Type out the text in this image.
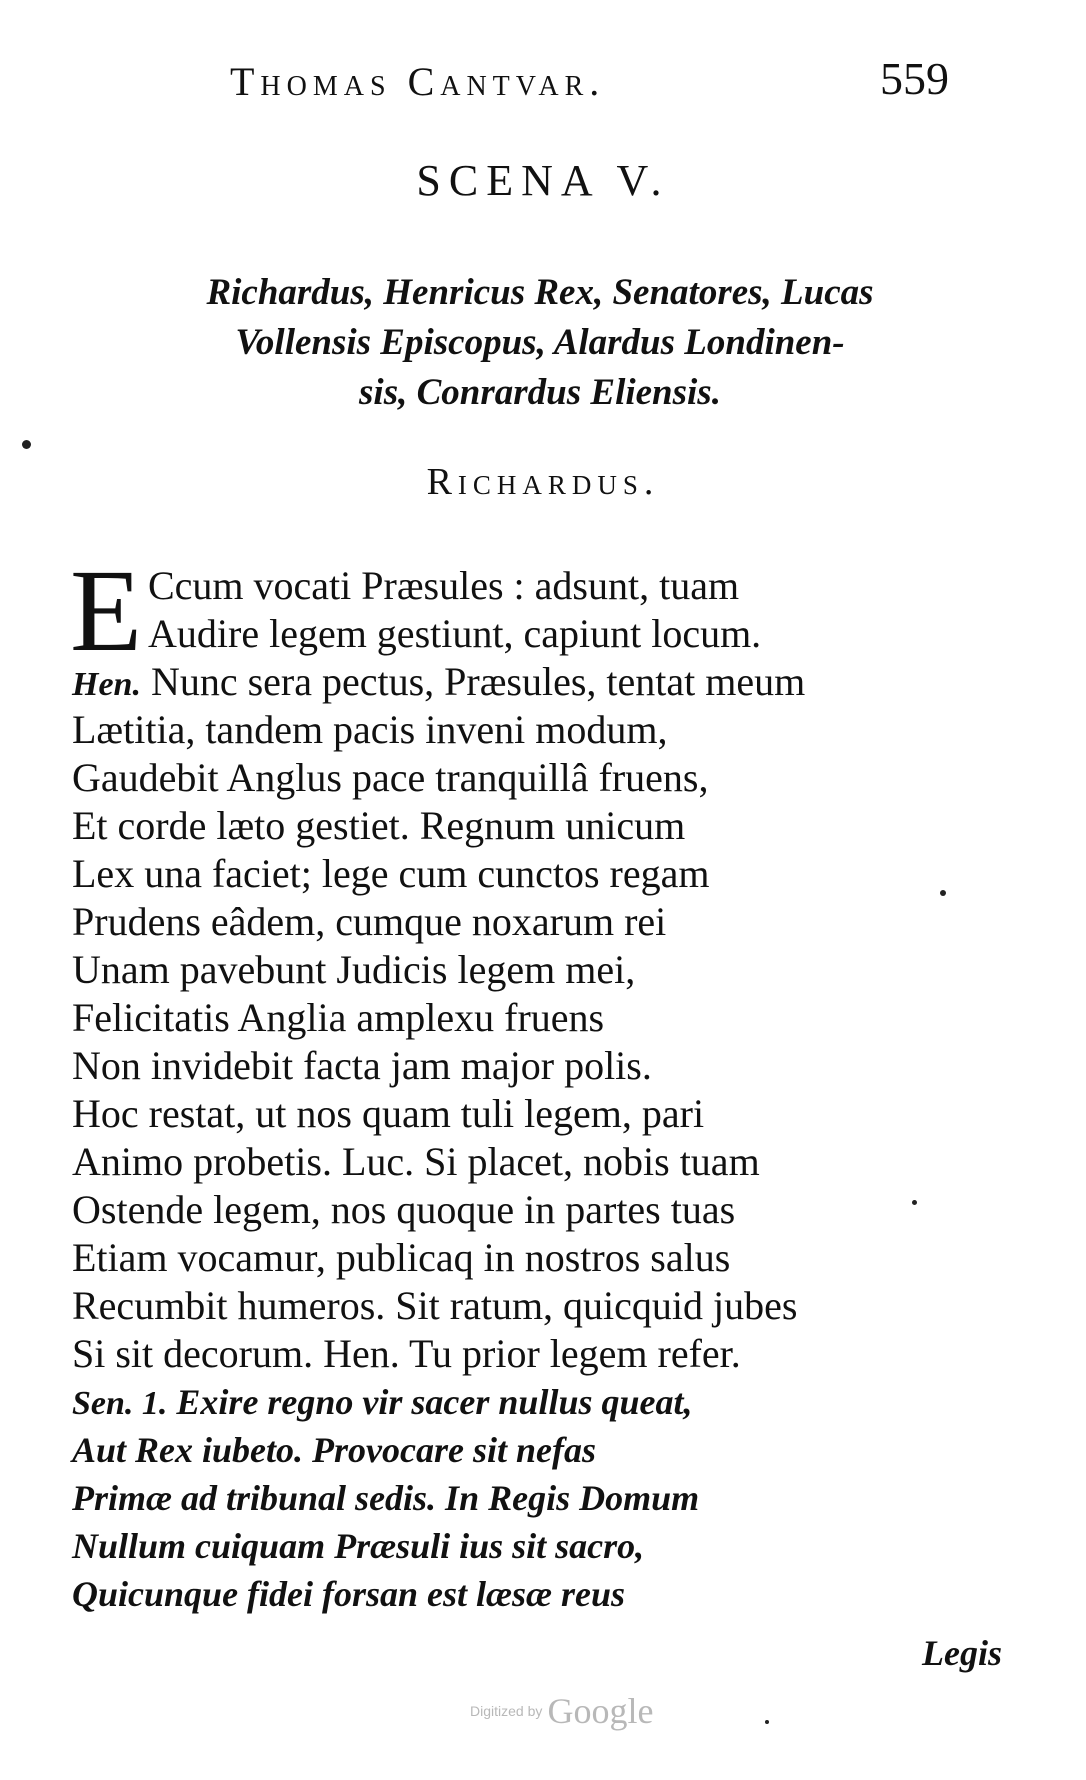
Thomas Cantvar.	559
SCENA V.
Richardus, Henricus Rex, Senatores, Lucas
Vollensis Episcopus, Alardus Londinen-
sis, Conrardus Eliensis.
Richardus.
E Ccum vocati Præsules : adsunt, tuam
Audire legem gestiunt, capiunt locum.
Hen. Nunc sera pectus, Præsules, tentat meum
Lætitia, tandem pacis inveni modum,
Gaudebit Anglus pace tranquillâ fruens,
Et corde læto gestiet. Regnum unicum
Lex una faciet; lege cum cunctos regam
Prudens eâdem, cumque noxarum rei
Unam pavebunt Judicis legem mei,
Felicitatis Anglia amplexu fruens
Non invidebit facta jam major polis.
Hoc restat, ut nos quam tuli legem, pari
Animo probetis. Luc. Si placet, nobis tuam
Ostende legem, nos quoque in partes tuas
Etiam vocamur, publicaq in nostros salus
Recumbit humeros. Sit ratum, quicquid jubes
Si sit decorum. Hen. Tu prior legem refer.
Sen. 1. Exire regno vir sacer nullus queat,
Aut Rex iubeto. Provocare sit nefas
Primæ ad tribunal sedis. In Regis Domum
Nullum cuiquam Præsuli ius sit sacro,
Quicunque fidei forsan est læsæ reus
Legis
Digitized by Google
